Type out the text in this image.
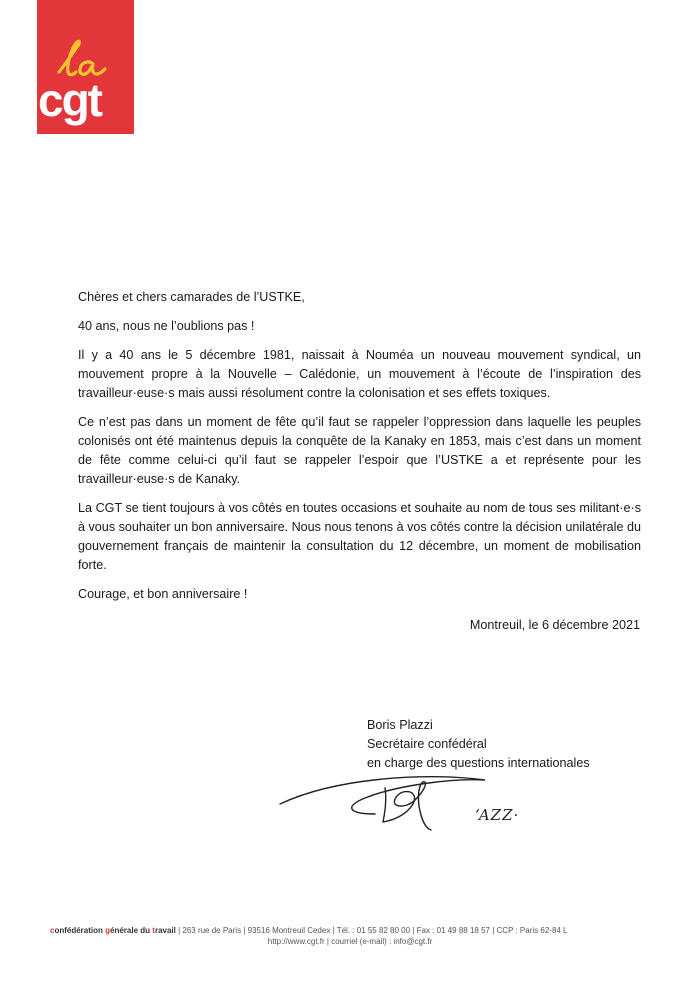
cgt

Chères et chers camarades de l’USTKE,

40 ans, nous ne l’oublions pas !

Il y a 40 ans le 5 décembre 1981, naissait à Nouméa un nouveau mouvement syndical, un mouvement propre à la Nouvelle – Calédonie, un mouvement à l’écoute de l’inspiration des travailleur·euse·s mais aussi résolument contre la colonisation et ses effets toxiques.

Ce n’est pas dans un moment de fête qu’il faut se rappeler l’oppression dans laquelle les peuples colonisés ont été maintenus depuis la conquête de la Kanaky en 1853, mais c’est dans un moment de fête comme celui-ci qu’il faut se rappeler l’espoir que l’USTKE a et représente pour les travailleur·euse·s de Kanaky.

La CGT se tient toujours à vos côtés en toutes occasions et souhaite au nom de tous ses militant·e·s à vous souhaiter un bon anniversaire. Nous nous tenons à vos côtés contre la décision unilatérale du gouvernement français de maintenir la consultation du 12 décembre, un moment de mobilisation forte.

Courage, et bon anniversaire !

Montreuil, le 6 décembre 2021
Boris Plazzi
Secrétaire confédéral
en charge des questions internationales
ʻAZZ·
confédération générale du travail | 263 rue de Paris | 93516 Montreuil Cedex | Tél. : 01 55 82 80 00 | Fax : 01 49 88 18 57 | CCP : Paris 62-84 L
http://www.cgt.fr | courriel (e-mail) : info@cgt.fr
